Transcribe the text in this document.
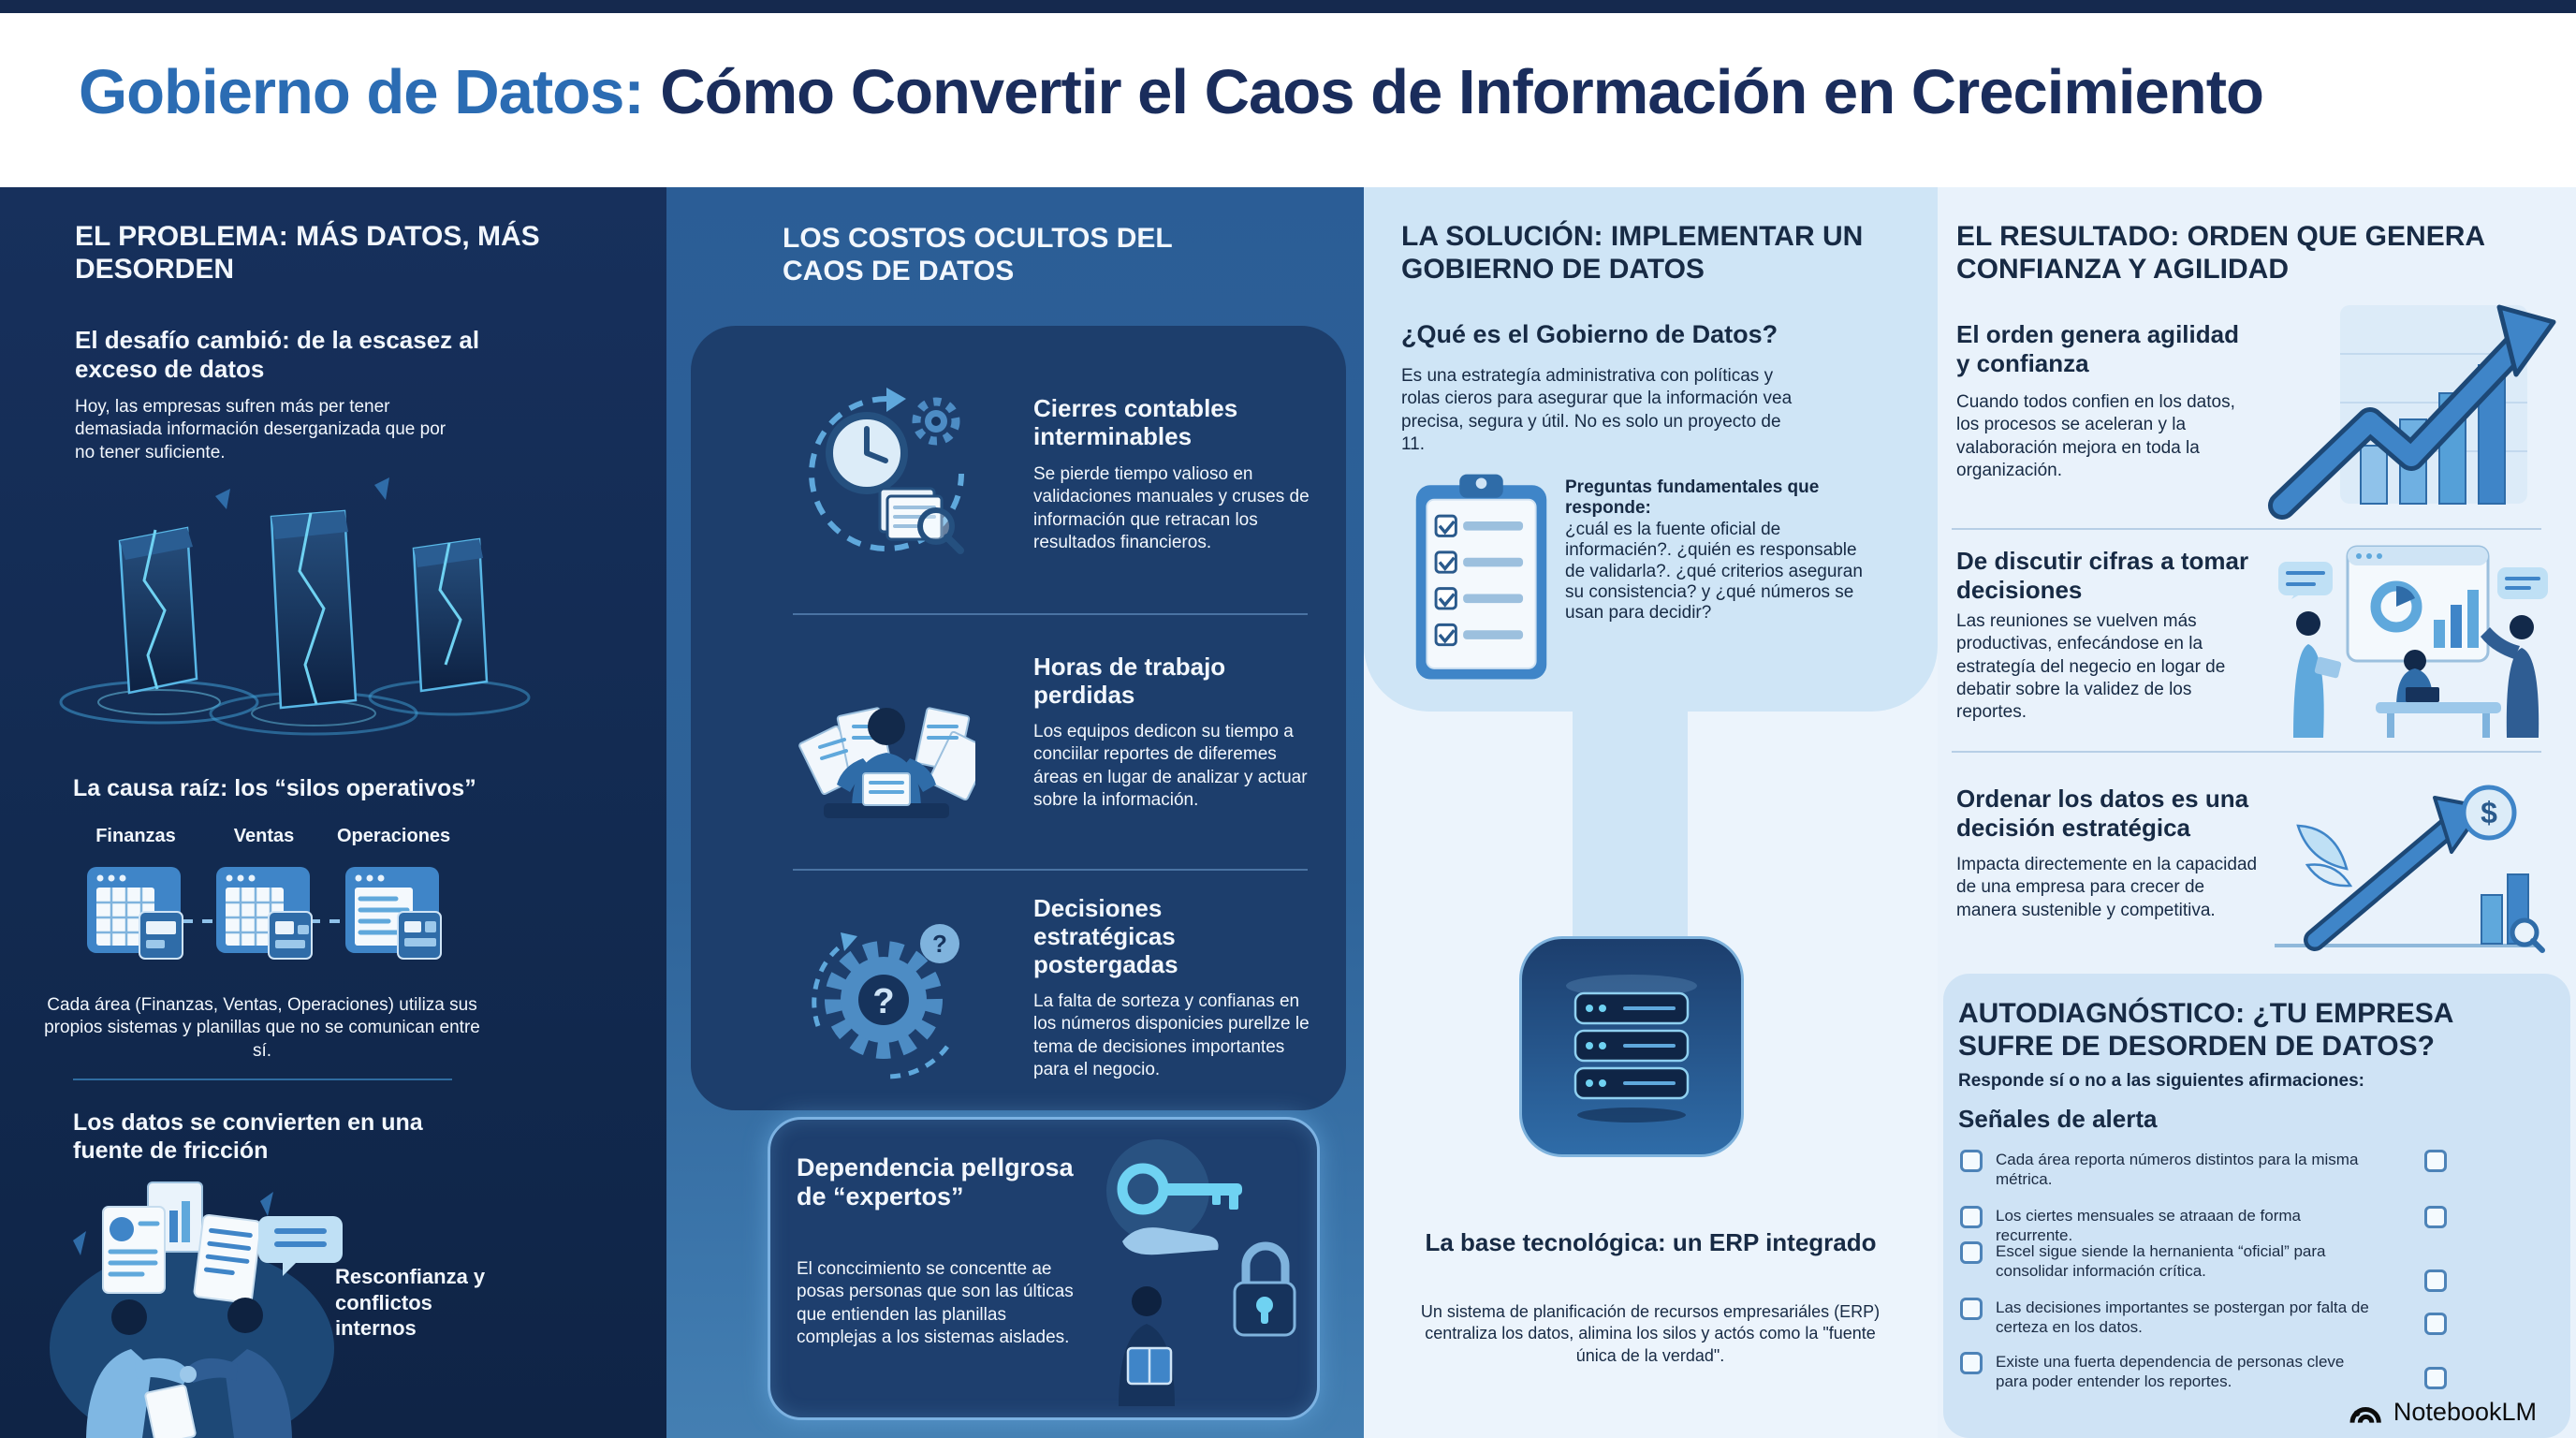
Gobierno de Datos: Cómo Convertir el Caos de Información en Crecimiento
EL PROBLEMA: MÁS DATOS, MÁS DESORDEN
El desafío cambió: de la escasez al exceso de datos
Hoy, las empresas sufren más per tener demasiada información deserganizada que por no tener suficiente.
La causa raíz: los “silos operativos”
Finanzas	Ventas	Operaciones
Cada área (Finanzas, Ventas, Operaciones) utiliza sus propios sistemas y planillas que no se comunican entre sí.
Los datos se convierten en una fuente de fricción
Resconfianza y conflictos internos
LOS COSTOS OCULTOS DEL CAOS DE DATOS
Cierres contables interminables
Se pierde tiempo valioso en validaciones manuales y cruses de información que retracan los resultados financieros.
Horas de trabajo perdidas
Los equipos dedicon su tiempo a conciilar reportes de diferemes áreas en lugar de analizar y actuar sobre la información.
?
?
Decisiones estratégicas postergadas
La falta de sorteza y confianas en los números disponicies purellze le tema de decisiones importantes para el negocio.
Dependencia pellgrosa de “expertos”
El conccimiento se concentte ae posas personas que son las últicas que entienden las planillas complejas a los sistemas aislades.
LA SOLUCIÓN: IMPLEMENTAR UN GOBIERNO DE DATOS
¿Qué es el Gobierno de Datos?
Es una estrategía administrativa con políticas y rolas cieros para asegurar que la información vea precisa, segura y útil. No es solo un proyecto de 11.
Preguntas fundamentales que responde:
¿cuál es la fuente oficial de informacién?. ¿quién es responsable de validarla?. ¿qué criterios aseguran su consistencia? y ¿qué números se usan para decidir?
La base tecnológica: un ERP integrado
Un sistema de planificación de recursos empresariáles (ERP) centraliza los datos, alimina los silos y actós como la "fuente única de la verdad".
EL RESULTADO: ORDEN QUE GENERA CONFIANZA Y AGILIDAD
El orden genera agilidad y confianza
Cuando todos confien en los datos, los procesos se aceleran y la valaboración mejora en toda la organización.
De discutir cifras a tomar decisiones
Las reuniones se vuelven más productivas, enfecándose en la estrategía del negecio en logar de debatir sobre la validez de los reportes.
Ordenar los datos es una decisión estratégica
Impacta directemente en la capacidad de una empresa para crecer de manera sustenible y competitiva.
$
AUTODIAGNÓSTICO: ¿TU EMPRESA SUFRE DE DESORDEN DE DATOS?
Responde sí o no a las siguientes afirmaciones:
Señales de alerta
Cada área reporta números distintos para la misma métrica.
Los ciertes mensuales se atraaan de forma recurrente.
Escel sigue siende la hernanienta “oficial” para consolidar información crítica.
Las decisiones importantes se postergan por falta de certeza en los datos.
Existe una fuerta dependencia de personas cleve para poder entender los reportes.
NotebookLM
